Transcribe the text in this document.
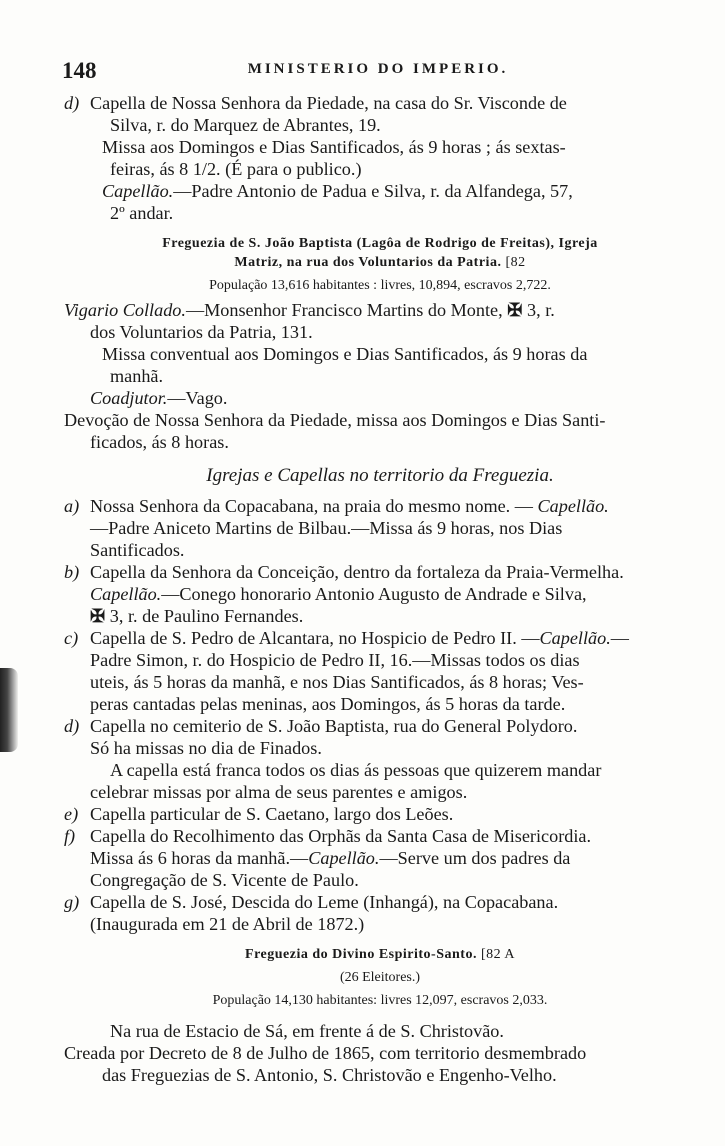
148	MINISTERIO DO IMPERIO.
d) Capella de Nossa Senhora da Piedade, na casa do Sr. Visconde de

Silva, r. do Marquez de Abrantes, 19.

Missa aos Domingos e Dias Santificados, ás 9 horas ; ás sextas-

feiras, ás 8 1/2. (É para o publico.)

Capellão.—Padre Antonio de Padua e Silva, r. da Alfandega, 57,

2º andar.

Freguezia de S. João Baptista (Lagôa de Rodrigo de Freitas), Igreja
Matriz, na rua dos Voluntarios da Patria. [82
População 13,616 habitantes : livres, 10,894, escravos 2,722.

Vigario Collado.—Monsenhor Francisco Martins do Monte, ✠ 3, r.

dos Voluntarios da Patria, 131.

Missa conventual aos Domingos e Dias Santificados, ás 9 horas da

manhã.

Coadjutor.—Vago.

Devoção de Nossa Senhora da Piedade, missa aos Domingos e Dias Santi-

ficados, ás 8 horas.

Igrejas e Capellas no territorio da Freguezia.
a) Nossa Senhora da Copacabana, na praia do mesmo nome. — Capellão.

—Padre Aniceto Martins de Bilbau.—Missa ás 9 horas, nos Dias

Santificados.

b) Capella da Senhora da Conceição, dentro da fortaleza da Praia-Vermelha.

Capellão.—Conego honorario Antonio Augusto de Andrade e Silva,

✠ 3, r. de Paulino Fernandes.

c) Capella de S. Pedro de Alcantara, no Hospicio de Pedro II. —Capellão.—

Padre Simon, r. do Hospicio de Pedro II, 16.—Missas todos os dias

uteis, ás 5 horas da manhã, e nos Dias Santificados, ás 8 horas; Ves-

peras cantadas pelas meninas, aos Domingos, ás 5 horas da tarde.

d) Capella no cemiterio de S. João Baptista, rua do General Polydoro.

Só ha missas no dia de Finados.

A capella está franca todos os dias ás pessoas que quizerem mandar

celebrar missas por alma de seus parentes e amigos.

e) Capella particular de S. Caetano, largo dos Leões.
f) Capella do Recolhimento das Orphãs da Santa Casa de Misericordia.

Missa ás 6 horas da manhã.—Capellão.—Serve um dos padres da

Congregação de S. Vicente de Paulo.

g) Capella de S. José, Descida do Leme (Inhangá), na Copacabana.

(Inaugurada em 21 de Abril de 1872.)

Freguezia do Divino Espirito-Santo. [82 A
(26 Eleitores.)
População 14,130 habitantes: livres 12,097, escravos 2,033.

Na rua de Estacio de Sá, em frente á de S. Christovão.

Creada por Decreto de 8 de Julho de 1865, com territorio desmembrado

das Freguezias de S. Antonio, S. Christovão e Engenho-Velho.
